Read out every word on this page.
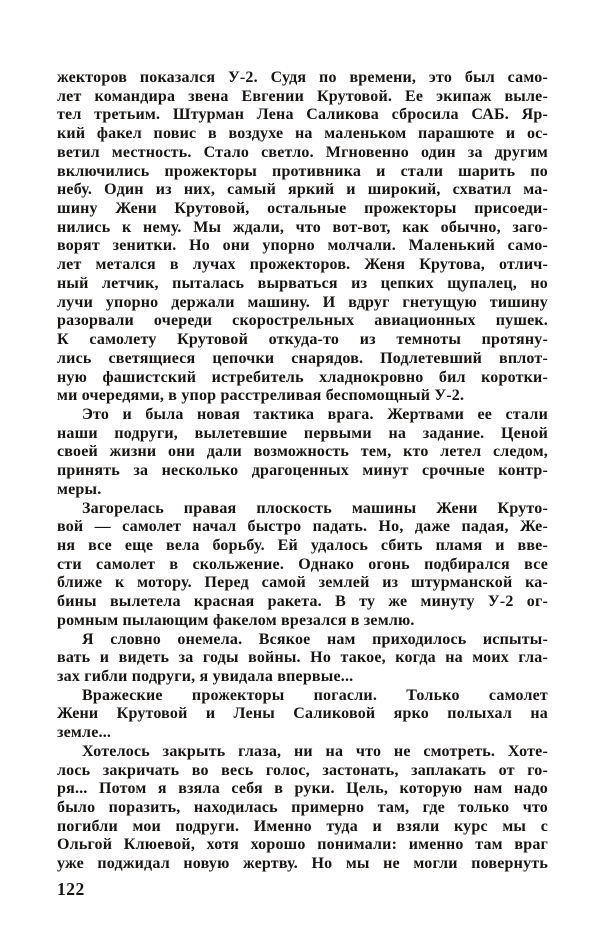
жекторов показался У-2. Судя по времени, это был само-
лет командира звена Евгении Крутовой. Ее экипаж выле-
тел третьим. Штурман Лена Саликова сбросила САБ. Яр-
кий факел повис в воздухе на маленьком парашюте и ос-
ветил местность. Стало светло. Мгновенно один за другим
включились прожекторы противника и стали шарить по
небу. Один из них, самый яркий и широкий, схватил ма-
шину Жени Крутовой, остальные прожекторы присоеди-
нились к нему. Мы ждали, что вот-вот, как обычно, заго-
ворят зенитки. Но они упорно молчали. Маленький само-
лет метался в лучах прожекторов. Женя Крутова, отлич-
ный летчик, пыталась вырваться из цепких щупалец, но
лучи упорно держали машину. И вдруг гнетущую тишину
разорвали очереди скорострельных авиационных пушек.
К самолету Крутовой откуда-то из темноты протяну-
лись светящиеся цепочки снарядов. Подлетевший вплот-
ную фашистский истребитель хладнокровно бил коротки-
ми очередями, в упор расстреливая беспомощный У-2.
Это и была новая тактика врага. Жертвами ее стали
наши подруги, вылетевшие первыми на задание. Ценой
своей жизни они дали возможность тем, кто летел следом,
принять за несколько драгоценных минут срочные контр-
меры.
Загорелась правая плоскость машины Жени Круто-
вой — самолет начал быстро падать. Но, даже падая, Же-
ня все еще вела борьбу. Ей удалось сбить пламя и вве-
сти самолет в скольжение. Однако огонь подбирался все
ближе к мотору. Перед самой землей из штурманской ка-
бины вылетела красная ракета. В ту же минуту У-2 ог-
ромным пылающим факелом врезался в землю.
Я словно онемела. Всякое нам приходилось испыты-
вать и видеть за годы войны. Но такое, когда на моих гла-
зах гибли подруги, я увидала впервые...
Вражеские прожекторы погасли. Только самолет
Жени Крутовой и Лены Саликовой ярко полыхал на
земле...
Хотелось закрыть глаза, ни на что не смотреть. Хоте-
лось закричать во весь голос, застонать, заплакать от го-
ря... Потом я взяла себя в руки. Цель, которую нам надо
было поразить, находилась примерно там, где только что
погибли мои подруги. Именно туда и взяли курс мы с
Ольгой Клюевой, хотя хорошо понимали: именно там враг
уже поджидал новую жертву. Но мы не могли повернуть
122
